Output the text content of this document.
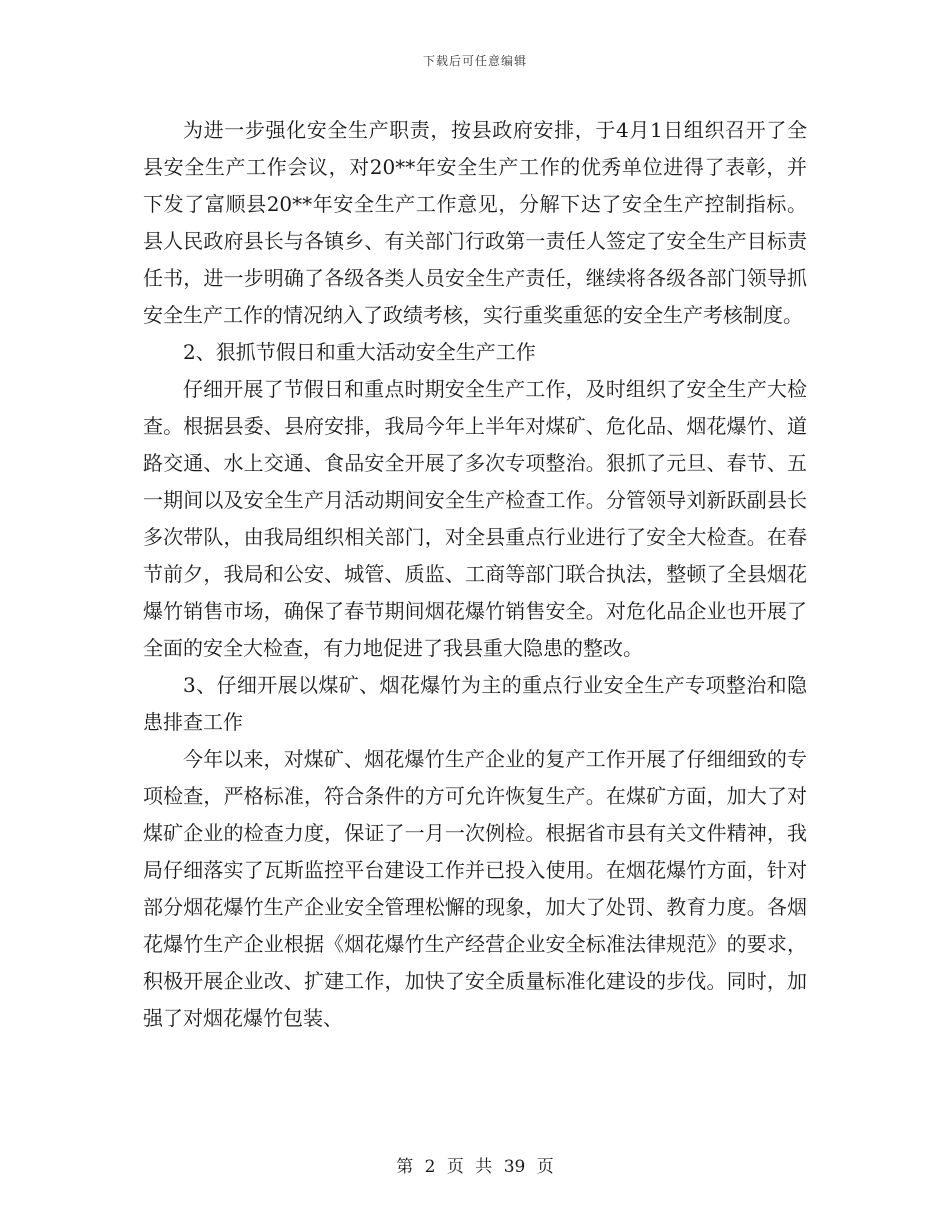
下载后可任意编辑

为进一步强化安全生产职责，按县政府安排，于4月1日组织召开了全县安全生产工作会议，对20**年安全生产工作的优秀单位进得了表彰，并下发了富顺县20**年安全生产工作意见，分解下达了安全生产控制指标。县人民政府县长与各镇乡、有关部门行政第一责任人签定了安全生产目标责任书，进一步明确了各级各类人员安全生产责任，继续将各级各部门领导抓安全生产工作的情况纳入了政绩考核，实行重奖重惩的安全生产考核制度。

2、狠抓节假日和重大活动安全生产工作

仔细开展了节假日和重点时期安全生产工作，及时组织了安全生产大检查。根据县委、县府安排，我局今年上半年对煤矿、危化品、烟花爆竹、道路交通、水上交通、食品安全开展了多次专项整治。狠抓了元旦、春节、五一期间以及安全生产月活动期间安全生产检查工作。分管领导刘新跃副县长多次带队，由我局组织相关部门，对全县重点行业进行了安全大检查。在春节前夕，我局和公安、城管、质监、工商等部门联合执法，整顿了全县烟花爆竹销售市场，确保了春节期间烟花爆竹销售安全。对危化品企业也开展了全面的安全大检查，有力地促进了我县重大隐患的整改。

3、仔细开展以煤矿、烟花爆竹为主的重点行业安全生产专项整治和隐患排查工作

今年以来，对煤矿、烟花爆竹生产企业的复产工作开展了仔细细致的专项检查，严格标准，符合条件的方可允许恢复生产。在煤矿方面，加大了对煤矿企业的检查力度，保证了一月一次例检。根据省市县有关文件精神，我局仔细落实了瓦斯监控平台建设工作并已投入使用。在烟花爆竹方面，针对部分烟花爆竹生产企业安全管理松懈的现象，加大了处罚、教育力度。各烟花爆竹生产企业根据《烟花爆竹生产经营企业安全标准法律规范》的要求，积极开展企业改、扩建工作，加快了安全质量标准化建设的步伐。同时，加强了对烟花爆竹包装、

第 2 页 共 39 页
